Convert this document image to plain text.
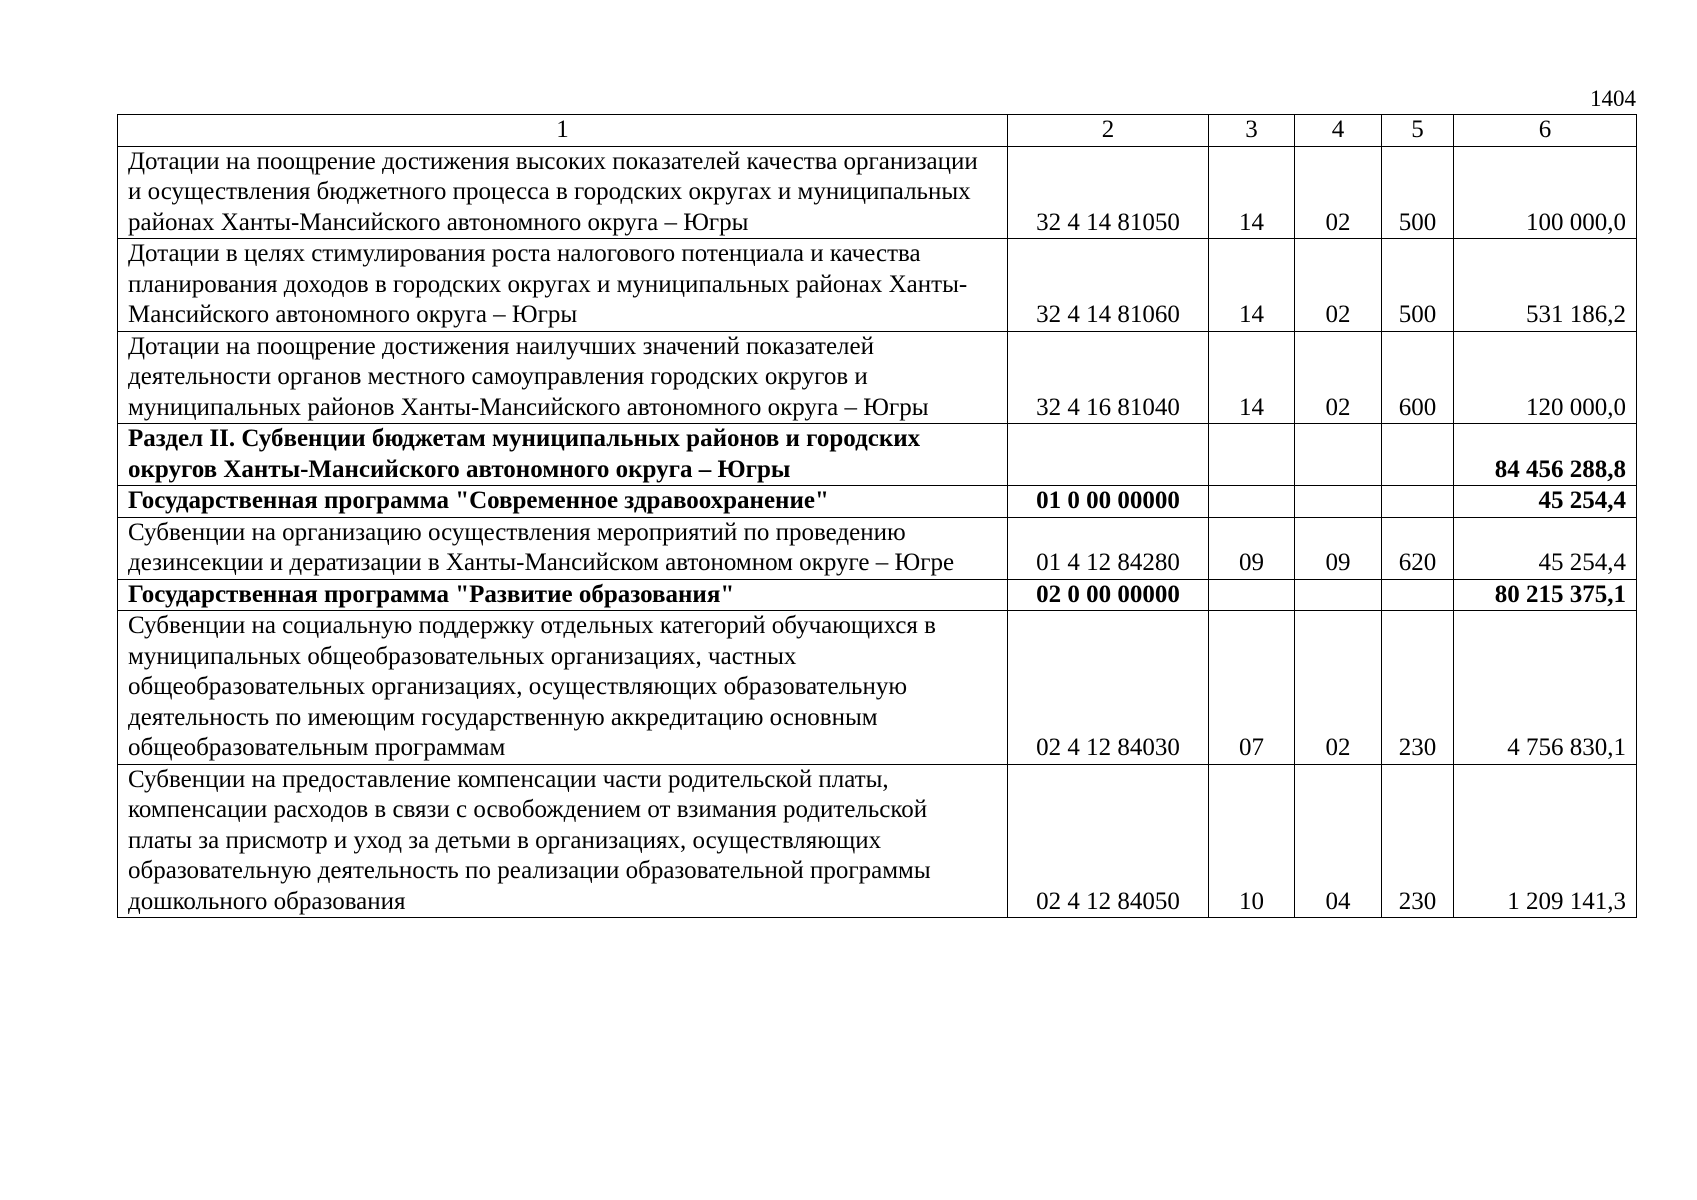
1404
1	2	3	4	5	6
Дотации на поощрение достижения высоких показателей качества организации и осуществления бюджетного процесса в городских округах и муниципальных районах Ханты-Мансийского автономного округа – Югры	32 4 14 81050	14	02	500	100 000,0
Дотации в целях стимулирования роста налогового потенциала и качества планирования доходов в городских округах и муниципальных районах Ханты-Мансийского автономного округа – Югры	32 4 14 81060	14	02	500	531 186,2
Дотации на поощрение достижения наилучших значений показателей деятельности органов местного самоуправления городских округов и муниципальных районов Ханты-Мансийского автономного округа – Югры	32 4 16 81040	14	02	600	120 000,0
Раздел II. Субвенции бюджетам муниципальных районов и городских округов Ханты-Мансийского автономного округа – Югры					84 456 288,8
Государственная программа "Современное здравоохранение"	01 0 00 00000				45 254,4
Субвенции на организацию осуществления мероприятий по проведению дезинсекции и дератизации в Ханты-Мансийском автономном округе – Югре	01 4 12 84280	09	09	620	45 254,4
Государственная программа "Развитие образования"	02 0 00 00000				80 215 375,1
Субвенции на социальную поддержку отдельных категорий обучающихся в муниципальных общеобразовательных организациях, частных общеобразовательных организациях, осуществляющих образовательную деятельность по имеющим государственную аккредитацию основным общеобразовательным программам	02 4 12 84030	07	02	230	4 756 830,1
Субвенции на предоставление компенсации части родительской платы, компенсации расходов в связи с освобождением от взимания родительской платы за присмотр и уход за детьми в организациях, осуществляющих образовательную деятельность по реализации образовательной программы дошкольного образования	02 4 12 84050	10	04	230	1 209 141,3
